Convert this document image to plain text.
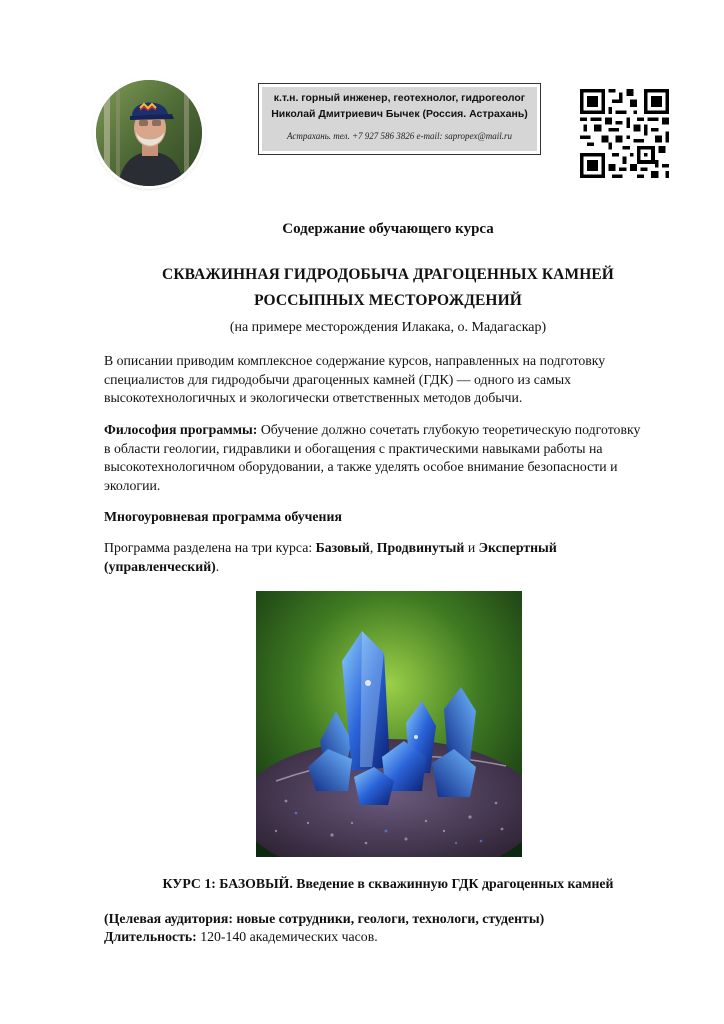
к.т.н. горный инженер, геотехнолог, гидрогеолог
Николай Дмитриевич Бычек (Россия. Астрахань)
Астрахань. тел. +7 927 586 3826 e-mail: sapropex@mail.ru
Содержание обучающего курса
СКВАЖИННАЯ ГИДРОДОБЫЧА ДРАГОЦЕННЫХ КАМНЕЙ
РОССЫПНЫХ МЕСТОРОЖДЕНИЙ
(на примере месторождения Илакака, о. Мадагаскар)
В описании приводим комплексное содержание курсов, направленных на подготовку специалистов для гидродобычи драгоценных камней (ГДК) — одного из самых высокотехнологичных и экологически ответственных методов добычи.
Философия программы: Обучение должно сочетать глубокую теоретическую подготовку в области геологии, гидравлики и обогащения с практическими навыками работы на высокотехнологичном оборудовании, а также уделять особое внимание безопасности и экологии.
Многоуровневая программа обучения
Программа разделена на три курса: Базовый, Продвинутый и Экспертный (управленческий).
КУРС 1: БАЗОВЫЙ. Введение в скважинную ГДК драгоценных камней
(Целевая аудитория: новые сотрудники, геологи, технологи, студенты)
Длительность: 120-140 академических часов.
